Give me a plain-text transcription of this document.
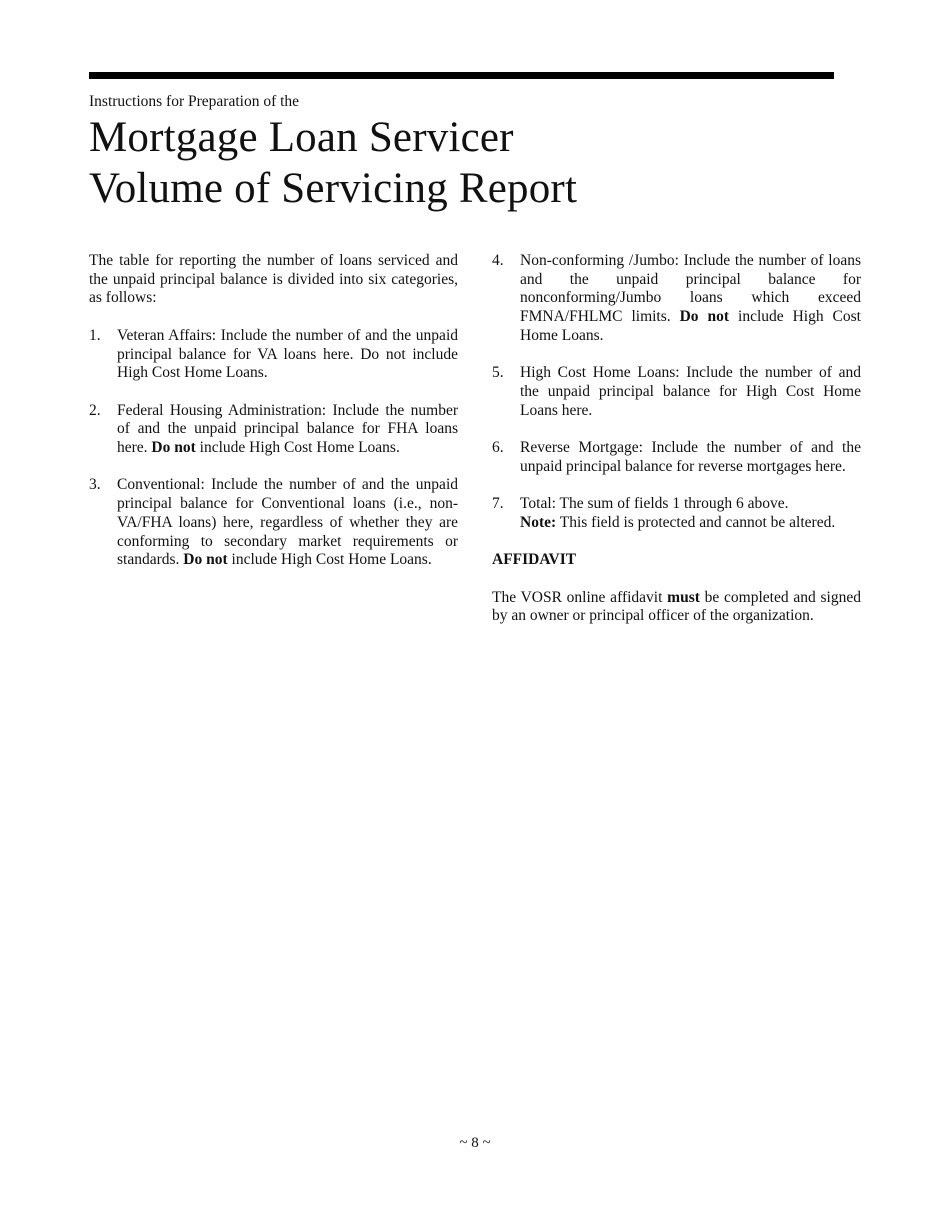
Instructions for Preparation of the
Mortgage Loan Servicer
Volume of Servicing Report

The table for reporting the number of loans serviced and the unpaid principal balance is divided into six categories, as follows:

1. Veteran Affairs: Include the number of and the unpaid principal balance for VA loans here. Do not include High Cost Home Loans.
2. Federal Housing Administration: Include the number of and the unpaid principal balance for FHA loans here. Do not include High Cost Home Loans.
3. Conventional: Include the number of and the unpaid principal balance for Conventional loans (i.e., non-VA/FHA loans) here, regardless of whether they are conforming to secondary market requirements or standards. Do not include High Cost Home Loans.
4. Non-conforming /Jumbo: Include the number of loans and the unpaid principal balance for nonconforming/Jumbo loans which exceed FMNA/FHLMC limits. Do not include High Cost Home Loans.
5. High Cost Home Loans: Include the number of and the unpaid principal balance for High Cost Home Loans here.
6. Reverse Mortgage: Include the number of and the unpaid principal balance for reverse mortgages here.
7. Total: The sum of fields 1 through 6 above.
Note: This field is protected and cannot be altered.
AFFIDAVIT

The VOSR online affidavit must be completed and signed by an owner or principal officer of the organization.

~ 8 ~
